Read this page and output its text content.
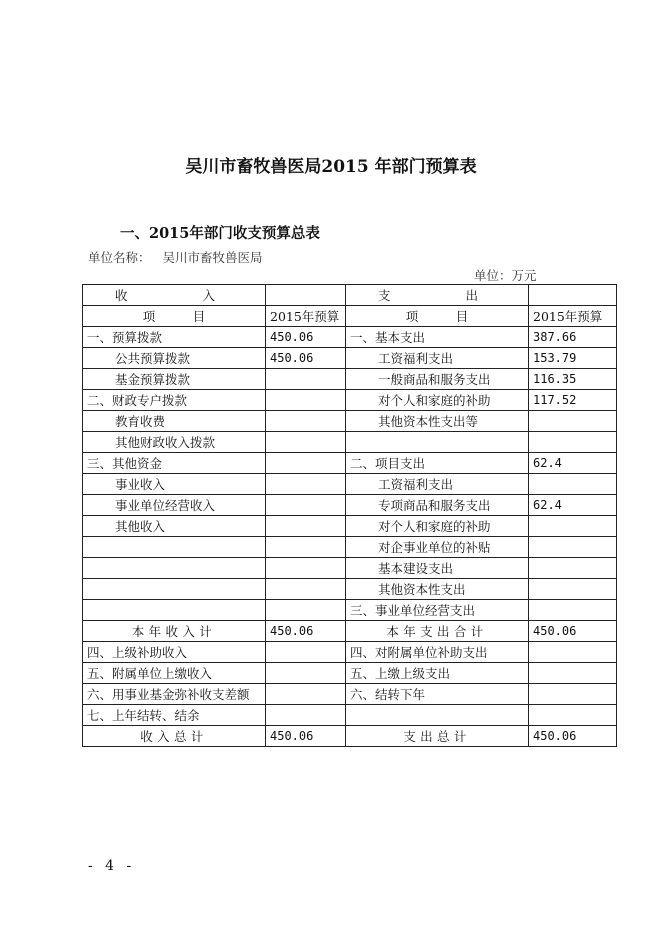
吴川市畜牧兽医局2015 年部门预算表
一、2015年部门收支预算总表
单位名称： 吴川市畜牧兽医局
单位：万元
收　　　　　　入		支　　　　　　出	
项　　　目	2015年预算	项　　　目	2015年预算
一、预算拨款	450.06	一、基本支出	387.66
公共预算拨款	450.06	工资福利支出	153.79
基金预算拨款		一般商品和服务支出	116.35
二、财政专户拨款		对个人和家庭的补助	117.52
教育收费		其他资本性支出等	
其他财政收入拨款			
三、其他资金		二、项目支出	62.4
事业收入		工资福利支出	
事业单位经营收入		专项商品和服务支出	62.4
其他收入		对个人和家庭的补助	
		对企事业单位的补贴	
		基本建设支出	
		其他资本性支出	
		三、事业单位经营支出	
本年收入计	450.06	本年支出合计	450.06
四、上级补助收入		四、对附属单位补助支出	
五、附属单位上缴收入		五、上缴上级支出	
六、用事业基金弥补收支差额		六、结转下年	
七、上年结转、结余			
收入总计	450.06	支出总计	450.06
- 4 -
